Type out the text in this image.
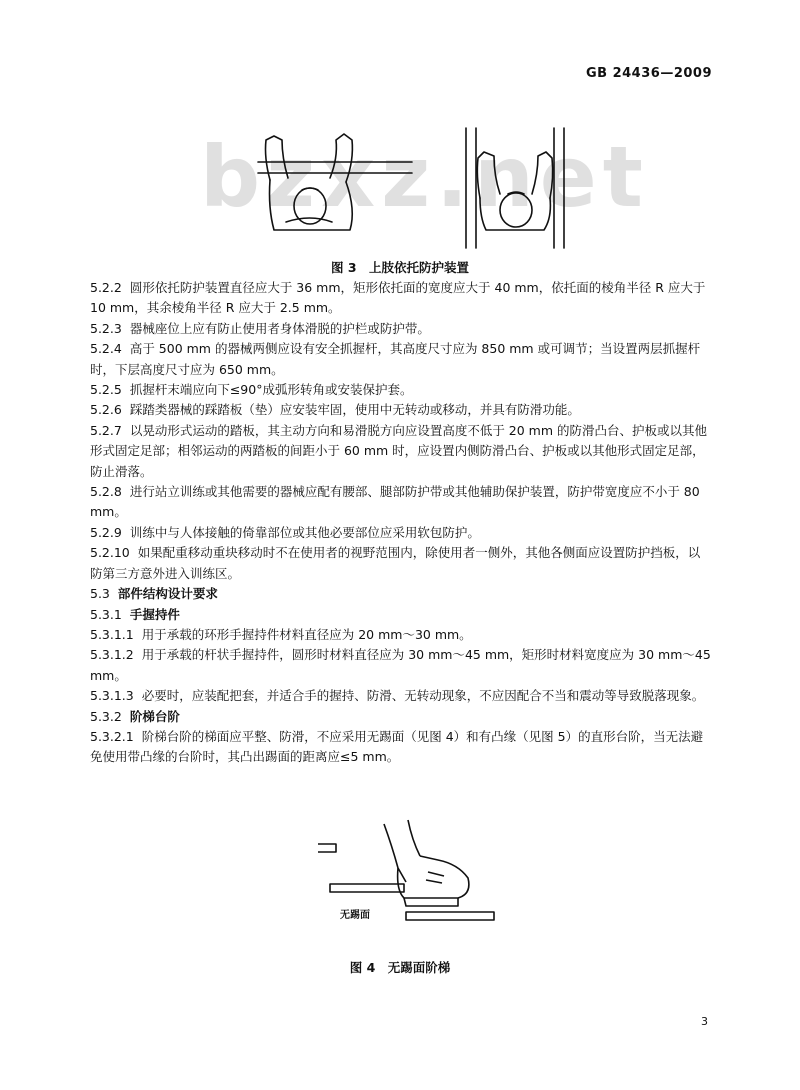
GB 24436—2009
bzxz.net
图 3　上肢依托防护装置

5.2.2 圆形依托防护装置直径应大于 36 mm，矩形依托面的宽度应大于 40 mm，依托面的棱角半径 R 应大于 10 mm，其余棱角半径 R 应大于 2.5 mm。

5.2.3 器械座位上应有防止使用者身体滑脱的护栏或防护带。

5.2.4 高于 500 mm 的器械两侧应设有安全抓握杆，其高度尺寸应为 850 mm 或可调节；当设置两层抓握杆时，下层高度尺寸应为 650 mm。

5.2.5 抓握杆末端应向下≤90°成弧形转角或安装保护套。

5.2.6 踩踏类器械的踩踏板（垫）应安装牢固，使用中无转动或移动，并具有防滑功能。

5.2.7 以晃动形式运动的踏板，其主动方向和易滑脱方向应设置高度不低于 20 mm 的防滑凸台、护板或以其他形式固定足部；相邻运动的两踏板的间距小于 60 mm 时，应设置内侧防滑凸台、护板或以其他形式固定足部，防止滑落。

5.2.8 进行站立训练或其他需要的器械应配有腰部、腿部防护带或其他辅助保护装置，防护带宽度应不小于 80 mm。

5.2.9 训练中与人体接触的倚靠部位或其他必要部位应采用软包防护。

5.2.10 如果配重移动重块移动时不在使用者的视野范围内，除使用者一侧外，其他各侧面应设置防护挡板，以防第三方意外进入训练区。

5.3 部件结构设计要求

5.3.1 手握持件

5.3.1.1 用于承载的环形手握持件材料直径应为 20 mm～30 mm。

5.3.1.2 用于承载的杆状手握持件，圆形时材料直径应为 30 mm～45 mm，矩形时材料宽度应为 30 mm～45 mm。

5.3.1.3 必要时，应装配把套，并适合手的握持、防滑、无转动现象，不应因配合不当和震动等导致脱落现象。

5.3.2 阶梯台阶

5.3.2.1 阶梯台阶的梯面应平整、防滑，不应采用无踢面（见图 4）和有凸缘（见图 5）的直形台阶，当无法避免使用带凸缘的台阶时，其凸出踢面的距离应≤5 mm。

无踢面
图 4　无踢面阶梯
3
